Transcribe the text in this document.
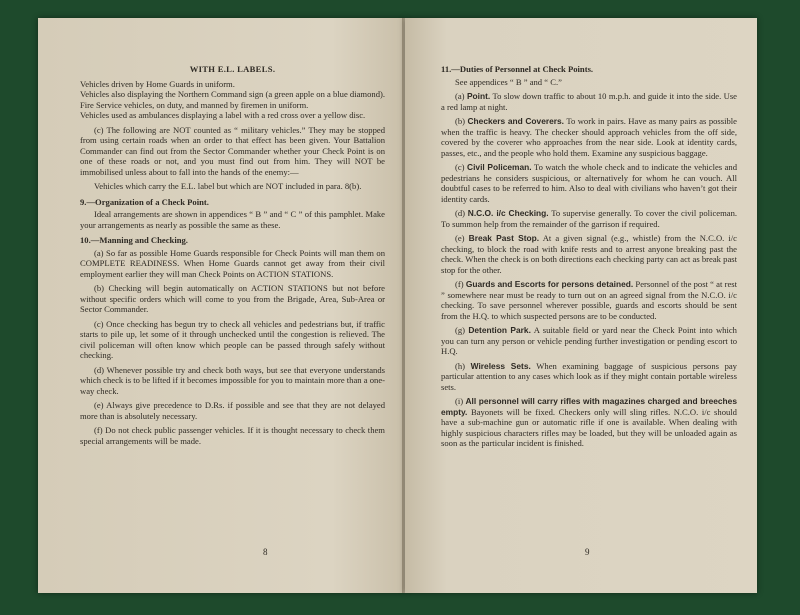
WITH E.L. LABELS.

Vehicles driven by Home Guards in uniform.

Vehicles also displaying the Northern Command sign (a green apple on a blue diamond).

Fire Service vehicles, on duty, and manned by firemen in uniform.

Vehicles used as ambulances displaying a label with a red cross over a yellow disc.

(c) The following are NOT counted as “ military vehicles.” They may be stopped from using certain roads when an order to that effect has been given. Your Battalion Commander can find out from the Sector Commander whether your Check Point is on one of these roads or not, and you must find out from him. They will NOT be immobilised unless about to fall into the hands of the enemy:—

Vehicles which carry the E.L. label but which are NOT included in para. 8(b).

9.—Organization of a Check Point.

Ideal arrangements are shown in appendices “ B ” and “ C ” of this pamphlet. Make your arrangements as nearly as possible the same as these.

10.—Manning and Checking.

(a) So far as possible Home Guards responsible for Check Points will man them on COMPLETE READINESS. When Home Guards cannot get away from their civil employment earlier they will man Check Points on ACTION STATIONS.

(b) Checking will begin automatically on ACTION STATIONS but not before without specific orders which will come to you from the Brigade, Area, Sub-Area or Sector Commander.

(c) Once checking has begun try to check all vehicles and pedestrians but, if traffic starts to pile up, let some of it through unchecked until the congestion is relieved. The civil policeman will often know which people can be passed through safely without checking.

(d) Whenever possible try and check both ways, but see that everyone understands which check is to be lifted if it becomes impossible for you to maintain more than a one-way check.

(e) Always give precedence to D.Rs. if possible and see that they are not delayed more than is absolutely necessary.

(f) Do not check public passenger vehicles. If it is thought necessary to check them special arrangements will be made.

8

11.—Duties of Personnel at Check Points.

See appendices “ B ” and “ C.”

(a) Point. To slow down traffic to about 10 m.p.h. and guide it into the side. Use a red lamp at night.

(b) Checkers and Coverers. To work in pairs. Have as many pairs as possible when the traffic is heavy. The checker should approach vehicles from the off side, covered by the coverer who approaches from the near side. Look at identity cards, passes, etc., and the people who hold them. Examine any suspicious baggage.

(c) Civil Policeman. To watch the whole check and to indicate the vehicles and pedestrians he considers suspicious, or alternatively for whom he can vouch. All doubtful cases to be referred to him. Also to deal with civilians who haven’t got their identity cards.

(d) N.C.O. i/c Checking. To supervise generally. To cover the civil policeman. To summon help from the remainder of the garrison if required.

(e) Break Past Stop. At a given signal (e.g., whistle) from the N.C.O. i/c checking, to block the road with knife rests and to arrest anyone breaking past the check. When the check is on both directions each checking party can act as break past stop for the other.

(f) Guards and Escorts for persons detained. Personnel of the post “ at rest ” somewhere near must be ready to turn out on an agreed signal from the N.C.O. i/c checking. To save personnel wherever possible, guards and escorts should be sent from the H.Q. to which suspected persons are to be conducted.

(g) Detention Park. A suitable field or yard near the Check Point into which you can turn any person or vehicle pending further investigation or pending escort to H.Q.

(h) Wireless Sets. When examining baggage of suspicious persons pay particular attention to any cases which look as if they might contain portable wireless sets.

(i) All personnel will carry rifles with magazines charged and breeches empty. Bayonets will be fixed. Checkers only will sling rifles. N.C.O. i/c should have a sub-machine gun or automatic rifle if one is available. When dealing with highly suspicious characters rifles may be loaded, but they will be unloaded again as soon as the particular incident is finished.

9
